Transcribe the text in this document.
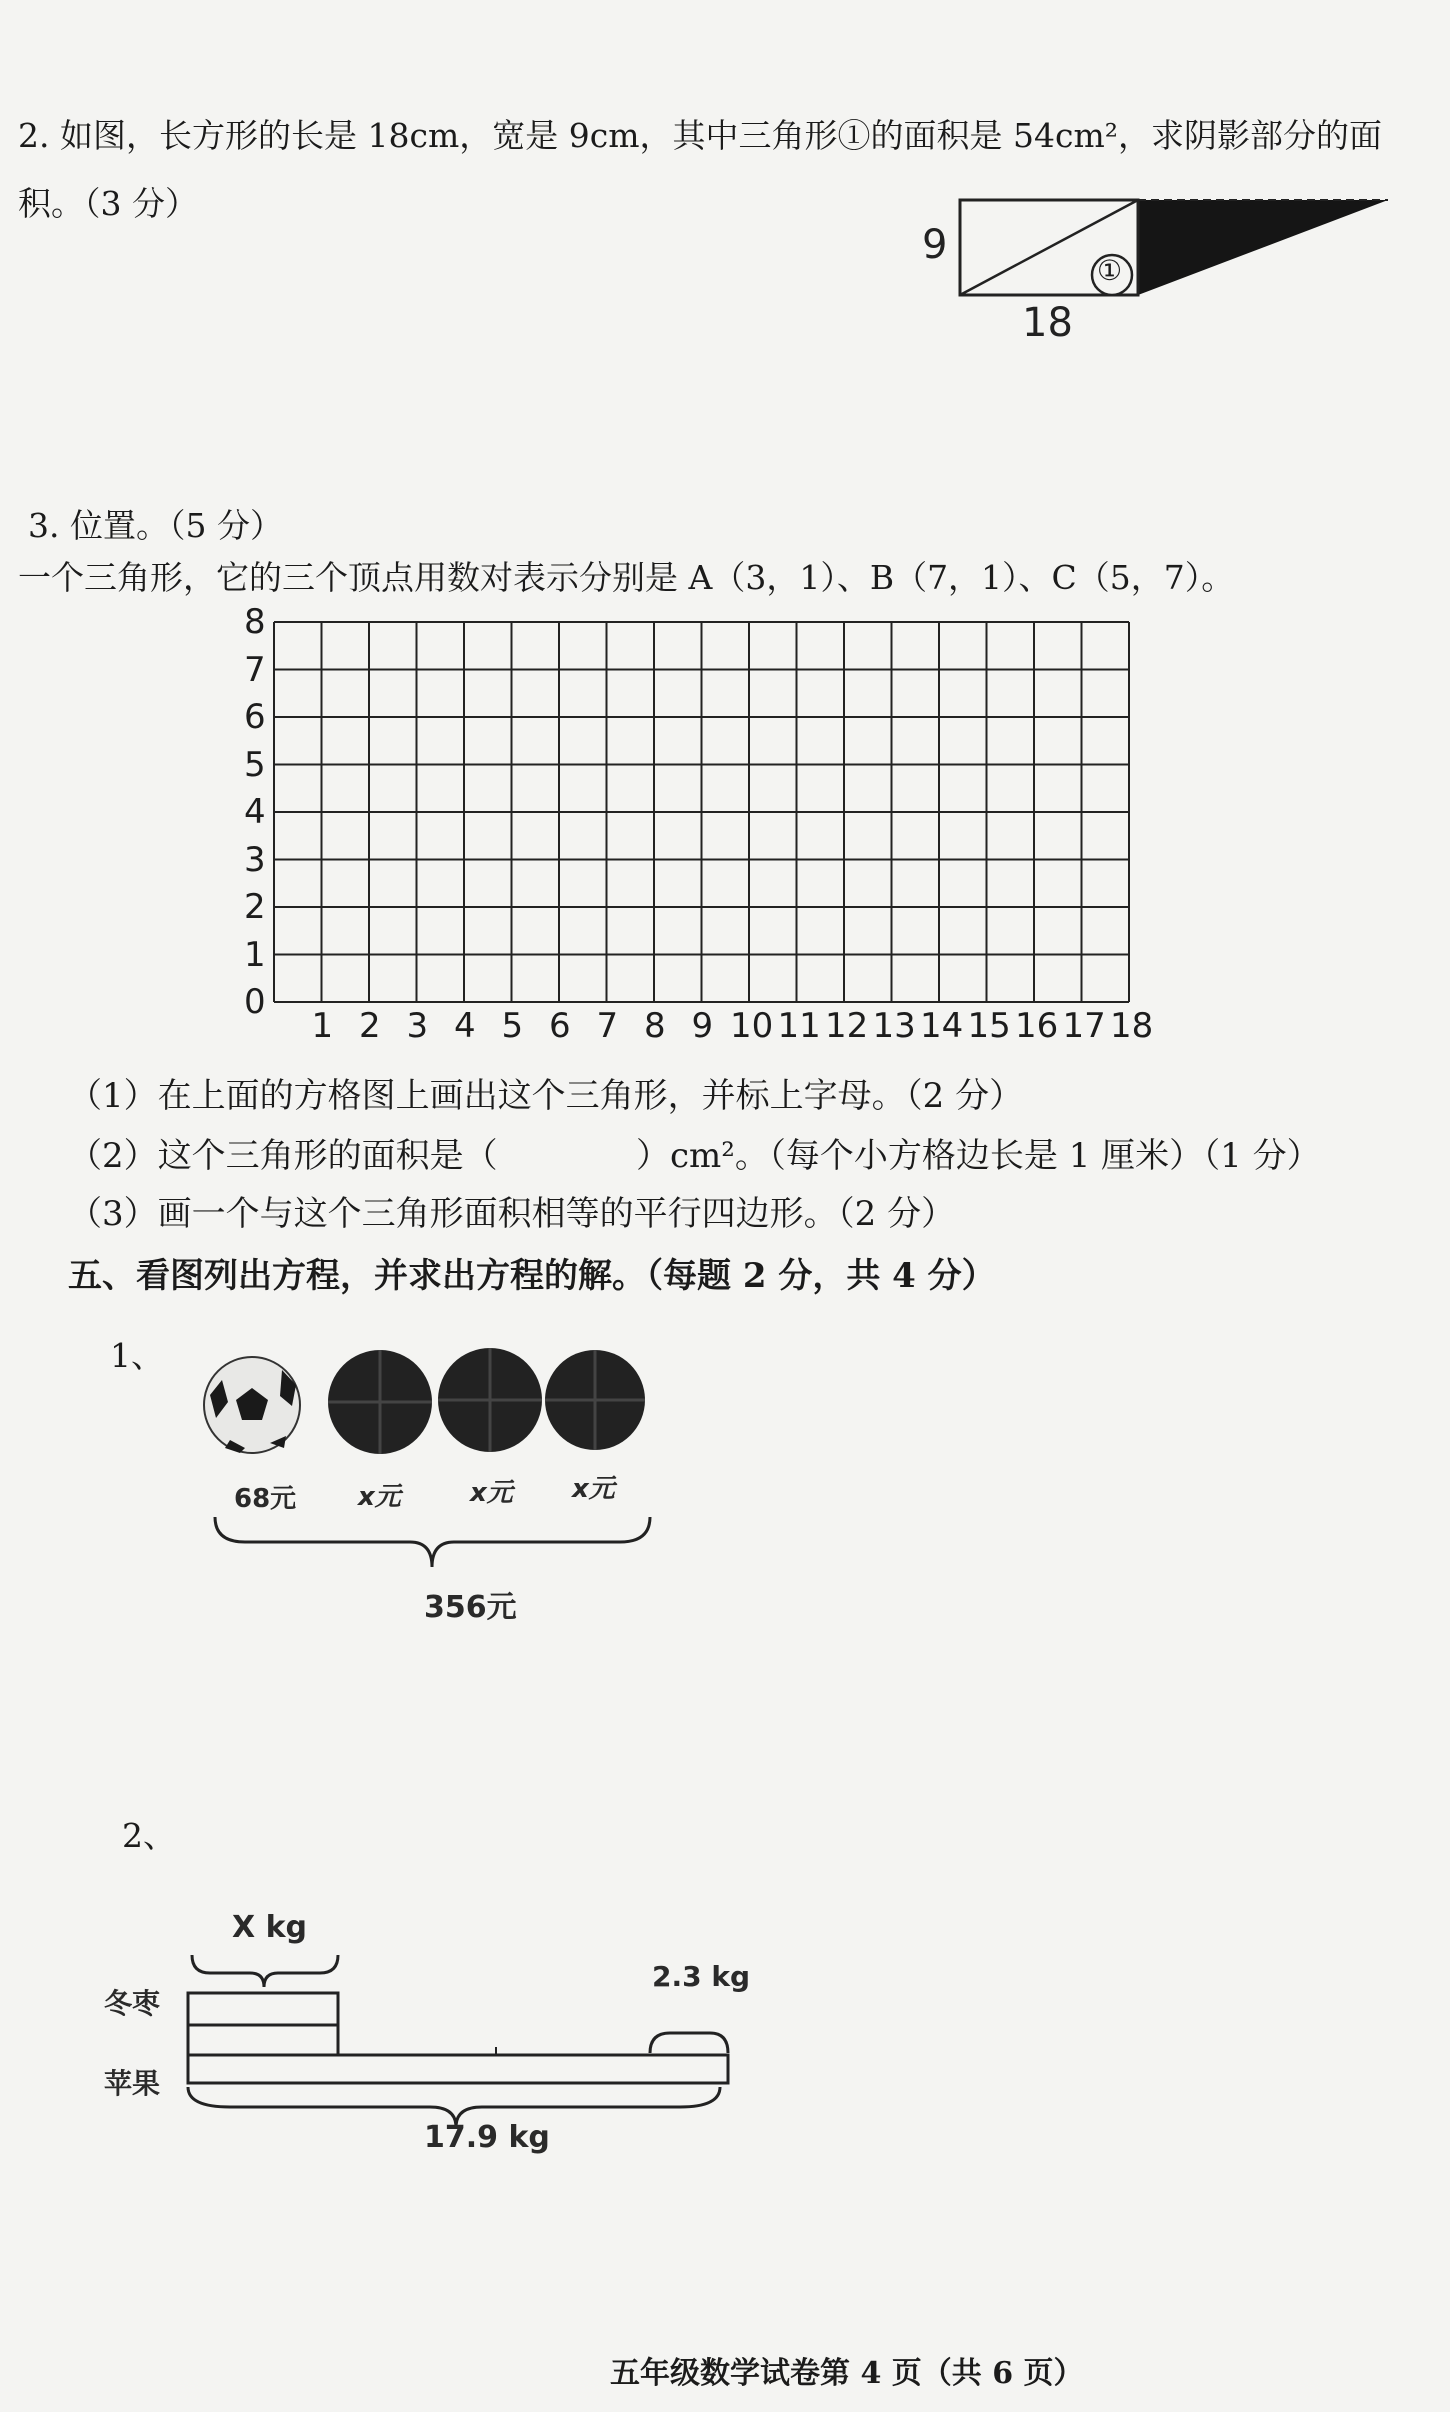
2. 如图，长方形的长是 18cm，宽是 9cm，其中三角形①的面积是 54cm²，求阴影部分的面
积。（3 分）
9
18
①
3. 位置。（5 分）
一个三角形，它的三个顶点用数对表示分别是 A（3，1）、B（7，1）、C（5，7）。
0
1
2
3
4
5
6
7
8
1 2 3 4 5 6 7 8 9 10 11 12 13 14 15 16 17 18
（1）在上面的方格图上画出这个三角形，并标上字母。（2 分）
（2）这个三角形的面积是（	）cm²。（每个小方格边长是 1 厘米）（1 分）
（3）画一个与这个三角形面积相等的平行四边形。（2 分）
五、看图列出方程，并求出方程的解。（每题 2 分，共 4 分）
1、
68元 x元	x元 x元
356元
2、
X kg
冬枣
苹果
2.3 kg
17.9 kg
五年级数学试卷第 4 页（共 6 页）
